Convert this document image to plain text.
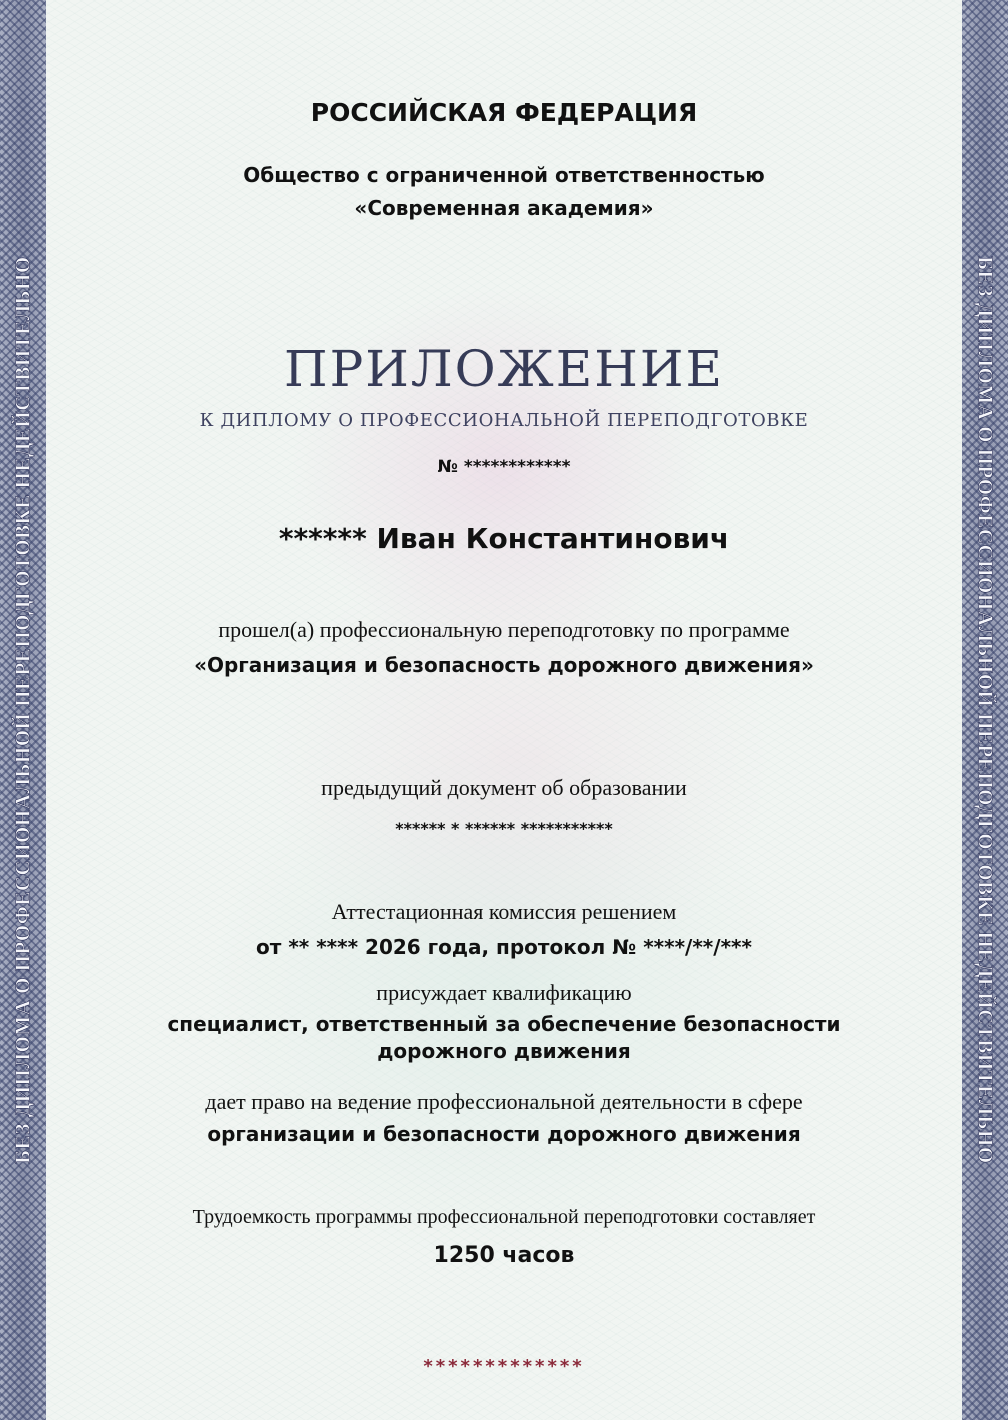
БЕЗ ДИПЛОМА О ПРОФЕССИОНАЛЬНОЙ ПЕРЕПОДГОТОВКЕ НЕДЕЙСТВИТЕЛЬНО	БЕЗ ДИПЛОМА О ПРОФЕССИОНАЛЬНОЙ ПЕРЕПОДГОТОВКЕ НЕДЕЙСТВИТЕЛЬНО
РОССИЙСКАЯ ФЕДЕРАЦИЯ
Общество с ограниченной ответственностью
«Современная академия»
ПРИЛОЖЕНИЕ
К ДИПЛОМУ О ПРОФЕССИОНАЛЬНОЙ ПЕРЕПОДГОТОВКЕ
№ ************
****** Иван Константинович
прошел(а) профессиональную переподготовку по программе
«Организация и безопасность дорожного движения»
предыдущий документ об образовании
****** * ****** ***********
Аттестационная комиссия решением
от ** **** 2026 года, протокол № ****/**/***
присуждает квалификацию
специалист, ответственный за обеспечение безопасности
дорожного движения
дает право на ведение профессиональной деятельности в сфере
организации и безопасности дорожного движения
Трудоемкость программы профессиональной переподготовки составляет
1250 часов
*************
